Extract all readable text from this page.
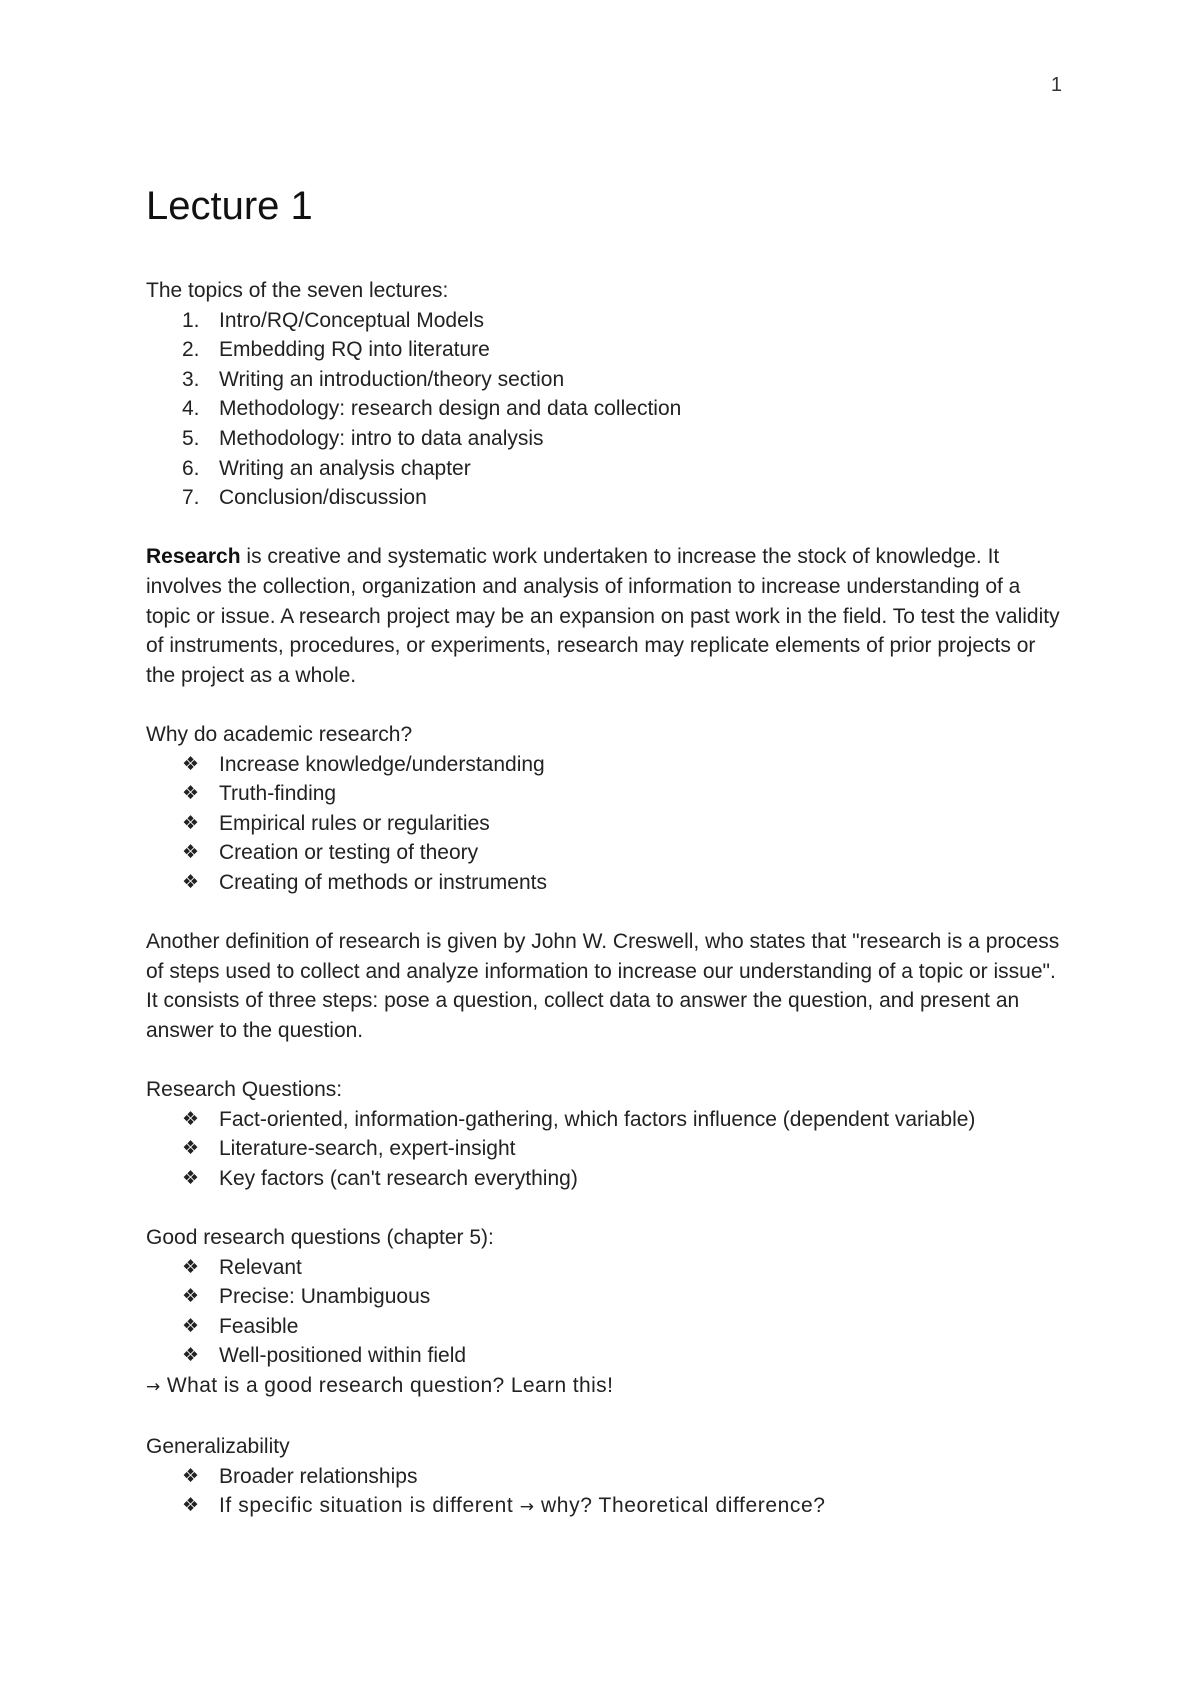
1
Lecture 1

The topics of the seven lectures:

1. Intro/RQ/Conceptual Models
2. Embedding RQ into literature
3. Writing an introduction/theory section
4. Methodology: research design and data collection
5. Methodology: intro to data analysis
6. Writing an analysis chapter
7. Conclusion/discussion

Research is creative and systematic work undertaken to increase the stock of knowledge. It involves the collection, organization and analysis of information to increase understanding of a topic or issue. A research project may be an expansion on past work in the field. To test the validity of instruments, procedures, or experiments, research may replicate elements of prior projects or the project as a whole.

Why do academic research?

❖ Increase knowledge/understanding
❖ Truth-finding
❖ Empirical rules or regularities
❖ Creation or testing of theory
❖ Creating of methods or instruments

Another definition of research is given by John W. Creswell, who states that "research is a process of steps used to collect and analyze information to increase our understanding of a topic or issue". It consists of three steps: pose a question, collect data to answer the question, and present an answer to the question.

Research Questions:

❖ Fact-oriented, information-gathering, which factors influence (dependent variable)
❖ Literature-search, expert-insight
❖ Key factors (can't research everything)

Good research questions (chapter 5):

❖ Relevant
❖ Precise: Unambiguous
❖ Feasible
❖ Well-positioned within field

→ What is a good research question? Learn this!

Generalizability

❖ Broader relationships
❖ If specific situation is different → why? Theoretical difference?
